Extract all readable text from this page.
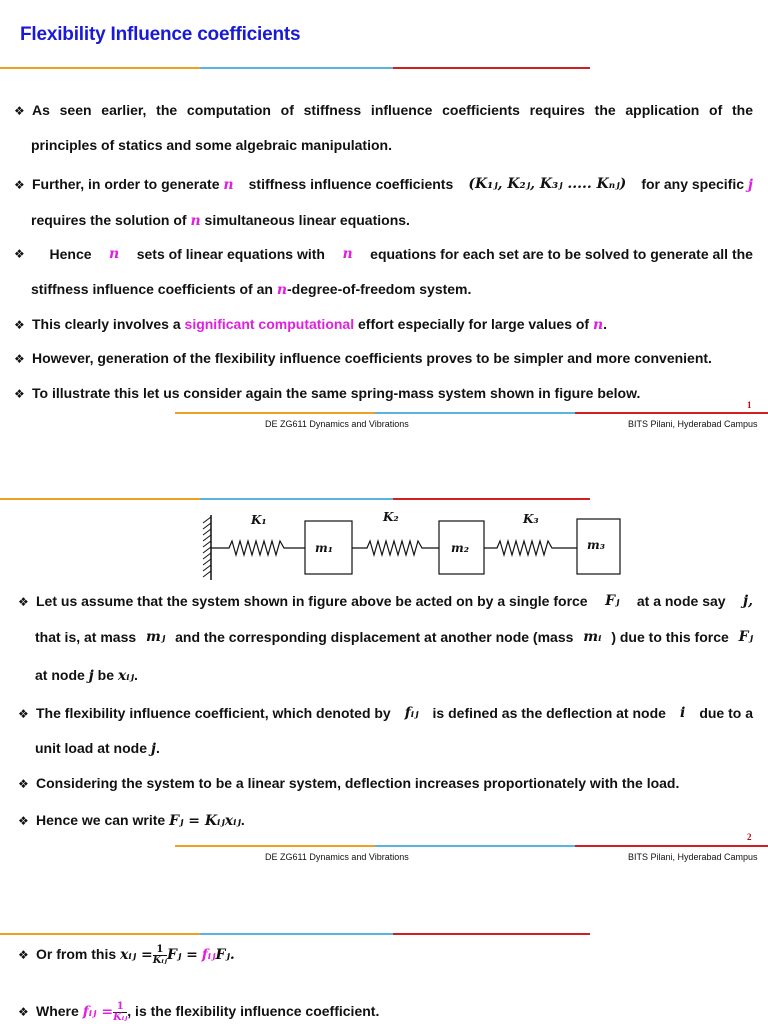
Flexibility Influence coefficients
❖ As seen earlier, the computation of stiffness influence coefficients requires the application of the
principles of statics and some algebraic manipulation.
❖ Further, in order to generate n stiffness influence coefficients (K₁ⱼ, K₂ⱼ, K₃ⱼ ..... Kₙⱼ) for any specific j
requires the solution of n simultaneous linear equations.
❖ Hence n sets of linear equations with n equations for each set are to be solved to generate all the
stiffness influence coefficients of an n-degree-of-freedom system.
❖ This clearly involves a significant computational effort especially for large values of n.
❖ However, generation of the flexibility influence coefficients proves to be simpler and more convenient.
❖ To illustrate this let us consider again the same spring-mass system shown in figure below.
1
DE ZG611 Dynamics and Vibrations	BITS Pilani, Hyderabad Campus
K₁	K₂	K₃
m₁	m₂	m₃
❖ Let us assume that the system shown in figure above be acted on by a single force Fⱼ at a node say j,
that is, at mass mⱼ and the corresponding displacement at another node (mass mᵢ ) due to this force Fⱼ
at node j be xᵢⱼ.
❖ The flexibility influence coefficient, which denoted by fᵢⱼ is defined as the deflection at node i due to a
unit load at node j.
❖ Considering the system to be a linear system, deflection increases proportionately with the load.
❖ Hence we can write Fⱼ = Kᵢⱼxᵢⱼ.
2
DE ZG611 Dynamics and Vibrations	BITS Pilani, Hyderabad Campus
❖ Or from this xᵢⱼ = $\frac{1}{\text{Kᵢⱼ}}$ Fⱼ = fᵢⱼFⱼ.
❖ Where fᵢⱼ = $\frac{1}{\text{Kᵢⱼ}}$ , is the flexibility influence coefficient.
